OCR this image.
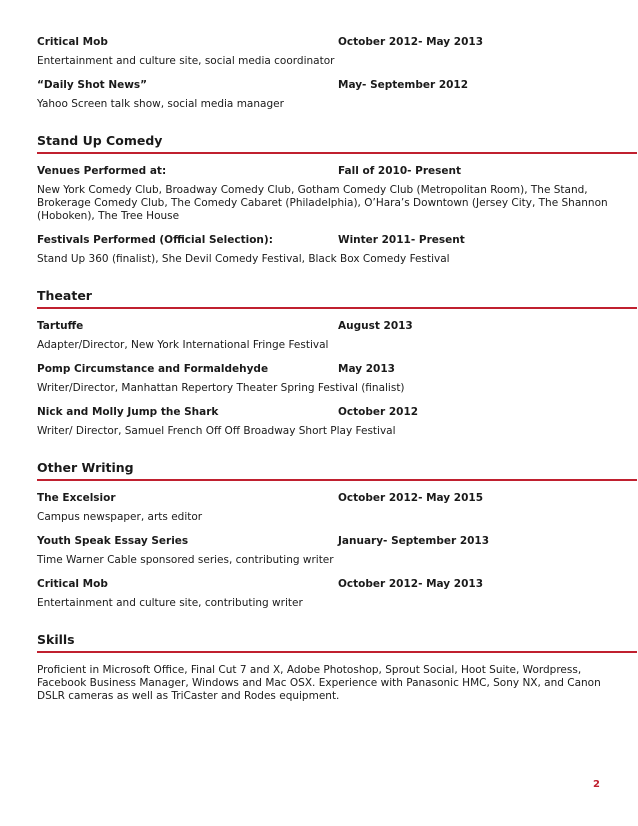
Critical Mob	October 2012- May 2013
Entertainment and culture site, social media coordinator
“Daily Shot News”	May- September 2012
Yahoo Screen talk show, social media manager
Stand Up Comedy
Venues Performed at:	Fall of 2010- Present
New York Comedy Club, Broadway Comedy Club, Gotham Comedy Club (Metropolitan Room), The Stand, Brokerage Comedy Club, The Comedy Cabaret (Philadelphia), O’Hara’s Downtown (Jersey City, The Shannon (Hoboken), The Tree House
Festivals Performed (Official Selection):	Winter 2011- Present
Stand Up 360 (finalist), She Devil Comedy Festival, Black Box Comedy Festival
Theater
Tartuffe	August 2013
Adapter/Director, New York International Fringe Festival
Pomp Circumstance and Formaldehyde	May 2013
Writer/Director, Manhattan Repertory Theater Spring Festival (finalist)
Nick and Molly Jump the Shark	October 2012
Writer/ Director, Samuel French Off Off Broadway Short Play Festival
Other Writing
The Excelsior	October 2012- May 2015
Campus newspaper, arts editor
Youth Speak Essay Series	January- September 2013
Time Warner Cable sponsored series, contributing writer
Critical Mob	October 2012- May 2013
Entertainment and culture site, contributing writer
Skills
Proficient in Microsoft Office, Final Cut 7 and X, Adobe Photoshop, Sprout Social, Hoot Suite, Wordpress, Facebook Business Manager, Windows and Mac OSX. Experience with Panasonic HMC, Sony NX, and Canon DSLR cameras as well as TriCaster and Rodes equipment.
2
